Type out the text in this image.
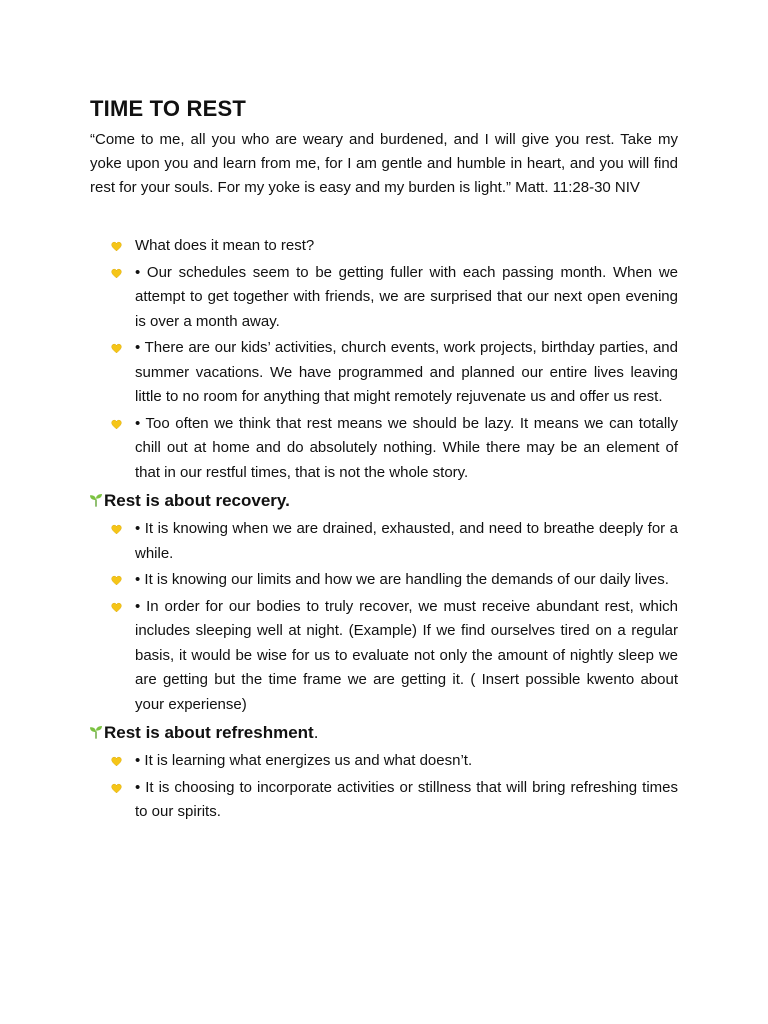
TIME TO REST

“Come to me, all you who are weary and burdened, and I will give you rest. Take my yoke upon you and learn from me, for I am gentle and humble in heart, and you will find rest for your souls. For my yoke is easy and my burden is light.” Matt. 11:28-30 NIV

What does it mean to rest?
• Our schedules seem to be getting fuller with each passing month. When we attempt to get together with friends, we are surprised that our next open evening is over a month away.
• There are our kids’ activities, church events, work projects, birthday parties, and summer vacations. We have programmed and planned our entire lives leaving little to no room for anything that might remotely rejuvenate us and offer us rest.
• Too often we think that rest means we should be lazy. It means we can totally chill out at home and do absolutely nothing. While there may be an element of that in our restful times, that is not the whole story.
Rest is about recovery.
• It is knowing when we are drained, exhausted, and need to breathe deeply for a while.
• It is knowing our limits and how we are handling the demands of our daily lives.
• In order for our bodies to truly recover, we must receive abundant rest, which includes sleeping well at night. (Example) If we find ourselves tired on a regular basis, it would be wise for us to evaluate not only the amount of nightly sleep we are getting but the time frame we are getting it. ( Insert possible kwento about your experiense)
Rest is about refreshment.
• It is learning what energizes us and what doesn’t.
• It is choosing to incorporate activities or stillness that will bring refreshing times to our spirits.
